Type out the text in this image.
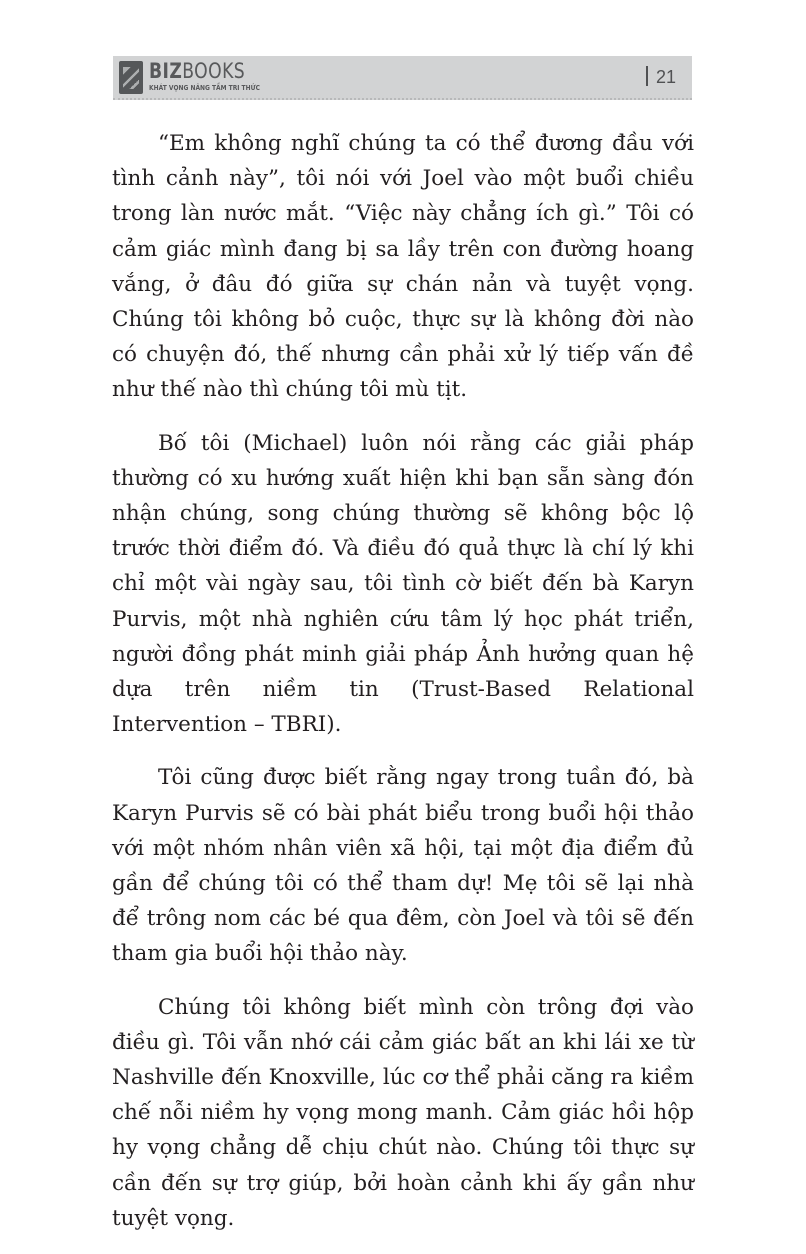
BIZBOOKS
KHÁT VỌNG NÂNG TẦM TRI THỨC
21

“Em không nghĩ chúng ta có thể đương đầu với tình cảnh này”, tôi nói với Joel vào một buổi chiều trong làn nước mắt. “Việc này chẳng ích gì.” Tôi có cảm giác mình đang bị sa lầy trên con đường hoang vắng, ở đâu đó giữa sự chán nản và tuyệt vọng. Chúng tôi không bỏ cuộc, thực sự là không đời nào có chuyện đó, thế nhưng cần phải xử lý tiếp vấn đề như thế nào thì chúng tôi mù tịt.

Bố tôi (Michael) luôn nói rằng các giải pháp thường có xu hướng xuất hiện khi bạn sẵn sàng đón nhận chúng, song chúng thường sẽ không bộc lộ trước thời điểm đó. Và điều đó quả thực là chí lý khi chỉ một vài ngày sau, tôi tình cờ biết đến bà Karyn Purvis, một nhà nghiên cứu tâm lý học phát triển, người đồng phát minh giải pháp Ảnh hưởng quan hệ dựa trên niềm tin (Trust-Based Relational Intervention – TBRI).

Tôi cũng được biết rằng ngay trong tuần đó, bà Karyn Purvis sẽ có bài phát biểu trong buổi hội thảo với một nhóm nhân viên xã hội, tại một địa điểm đủ gần để chúng tôi có thể tham dự! Mẹ tôi sẽ lại nhà để trông nom các bé qua đêm, còn Joel và tôi sẽ đến tham gia buổi hội thảo này.

Chúng tôi không biết mình còn trông đợi vào điều gì. Tôi vẫn nhớ cái cảm giác bất an khi lái xe từ Nashville đến Knoxville, lúc cơ thể phải căng ra kiềm chế nỗi niềm hy vọng mong manh. Cảm giác hồi hộp hy vọng chẳng dễ chịu chút nào. Chúng tôi thực sự cần đến sự trợ giúp, bởi hoàn cảnh khi ấy gần như tuyệt vọng.
